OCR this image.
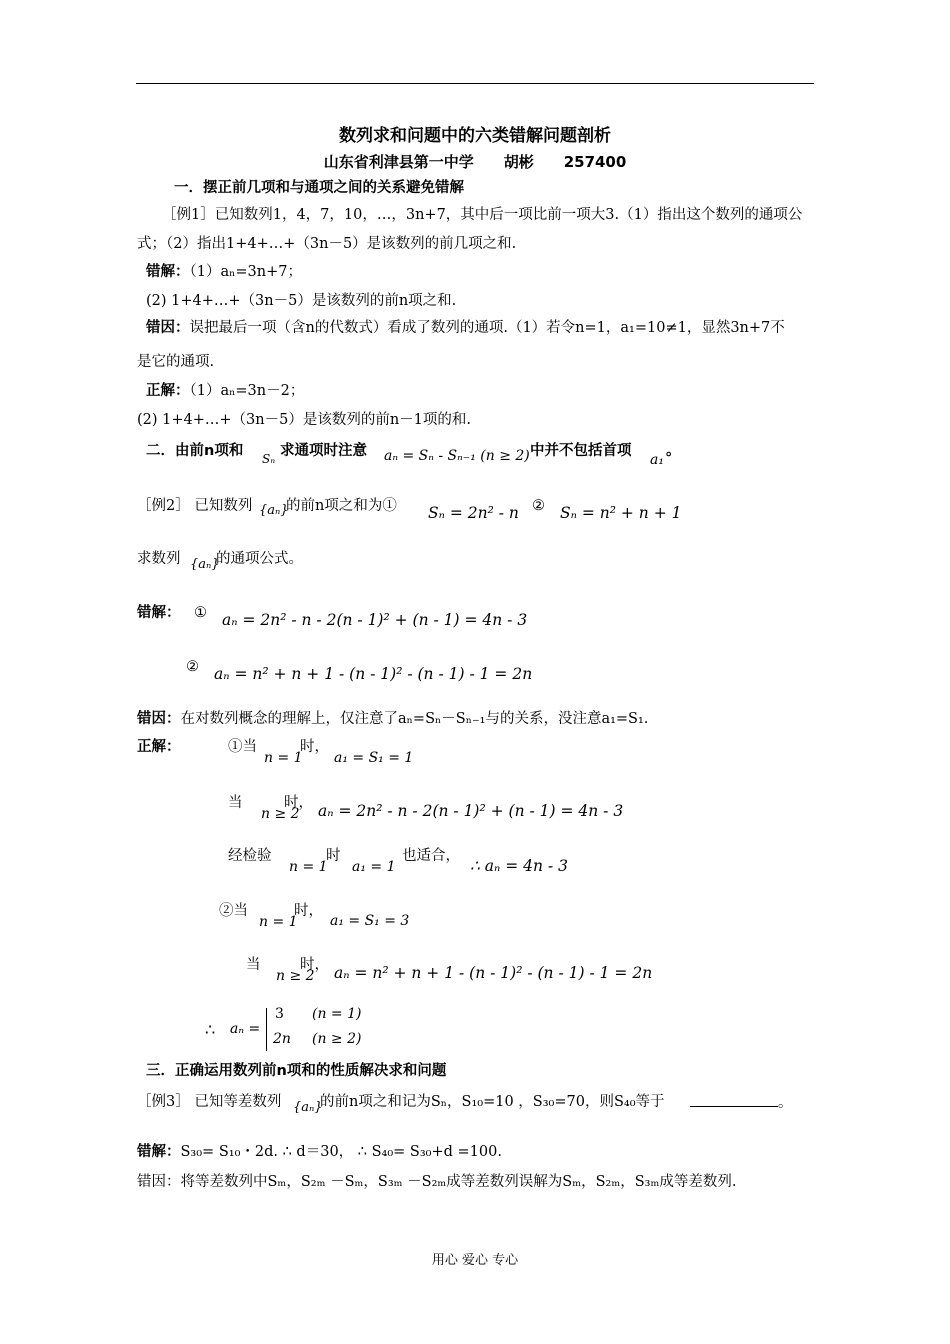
数列求和问题中的六类错解问题剖析
山东省利津县第一中学　　胡彬　　257400
一．摆正前几项和与通项之间的关系避免错解
［例1］已知数列1，4，7，10，…，3n+7，其中后一项比前一项大3.（1）指出这个数列的通项公
式；（2）指出1+4+…+（3n－5）是该数列的前几项之和.
错解：（1）aₙ=3n+7；
(2) 1+4+…+（3n－5）是该数列的前n项之和.
错因：误把最后一项（含n的代数式）看成了数列的通项.（1）若令n=1，a₁=10≠1，显然3n+7不
是它的通项.
正解：（1）aₙ=3n－2；
(2) 1+4+…+（3n－5）是该数列的前n－1项的和.
二．由前n项和 Sₙ 求通项时注意 aₙ = Sₙ - Sₙ₋₁ (n ≥ 2) 中并不包括首项
a₁
。
［例2］ 已知数列 {aₙ}
的前n项之和为① Sₙ = 2n² - n ② Sₙ = n² + n + 1
求数列 {aₙ}
的通项公式。
错解： ① aₙ = 2n² - n - 2(n - 1)² + (n - 1) = 4n - 3
② aₙ = n² + n + 1 - (n - 1)² - (n - 1) - 1 = 2n
错因：在对数列概念的理解上，仅注意了aₙ=Sₙ－Sₙ₋₁与的关系，没注意a₁=S₁.
正解：	①当
n = 1
时，
a₁ = S₁ = 1
当
n ≥ 2
时， aₙ = 2n² - n - 2(n - 1)² + (n - 1) = 4n - 3
经检验
n = 1
时
a₁ = 1
也适合，
∴ aₙ = 4n - 3
②当
n = 1
时，
a₁ = S₁ = 3
当
n ≥ 2
时， aₙ = n² + n + 1 - (n - 1)² - (n - 1) - 1 = 2n
∴ aₙ =
3 (n = 1)
2n (n ≥ 2)
三．正确运用数列前n项和的性质解决求和问题
［例3］ 已知等差数列 {aₙ}
的前n项之和记为Sₙ，S₁₀=10 ，S₃₀=70，则S₄₀等于	。
错解：S₃₀= S₁₀・2d. ∴ d＝30， ∴ S₄₀= S₃₀+d =100.
错因：将等差数列中Sₘ，S₂ₘ －Sₘ，S₃ₘ －S₂ₘ成等差数列误解为Sₘ，S₂ₘ，S₃ₘ成等差数列.
用心 爱心 专心
